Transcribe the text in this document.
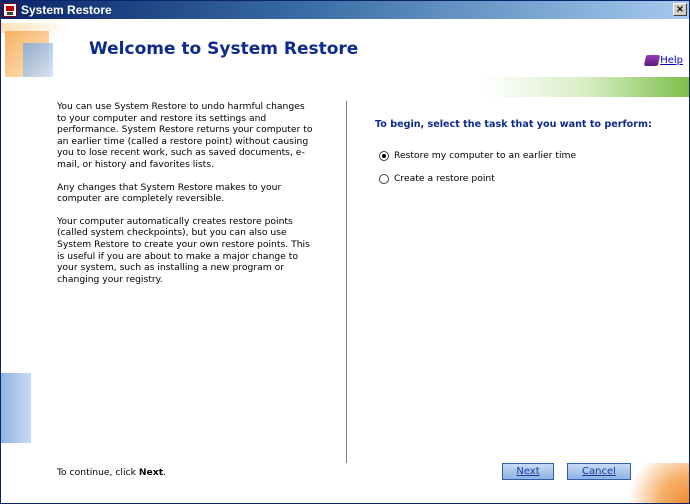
System Restore	×
Welcome to System Restore
Help

You can use System Restore to undo harmful changes to your computer and restore its settings and performance. System Restore returns your computer to an earlier time (called a restore point) without causing you to lose recent work, such as saved documents, e-mail, or history and favorites lists.

Any changes that System Restore makes to your computer are completely reversible.

Your computer automatically creates restore points (called system checkpoints), but you can also use System Restore to create your own restore points. This is useful if you are about to make a major change to your system, such as installing a new program or changing your registry.

To continue, click Next.
To begin, select the task that you want to perform:
Restore my computer to an earlier time
Create a restore point
Next	Cancel
